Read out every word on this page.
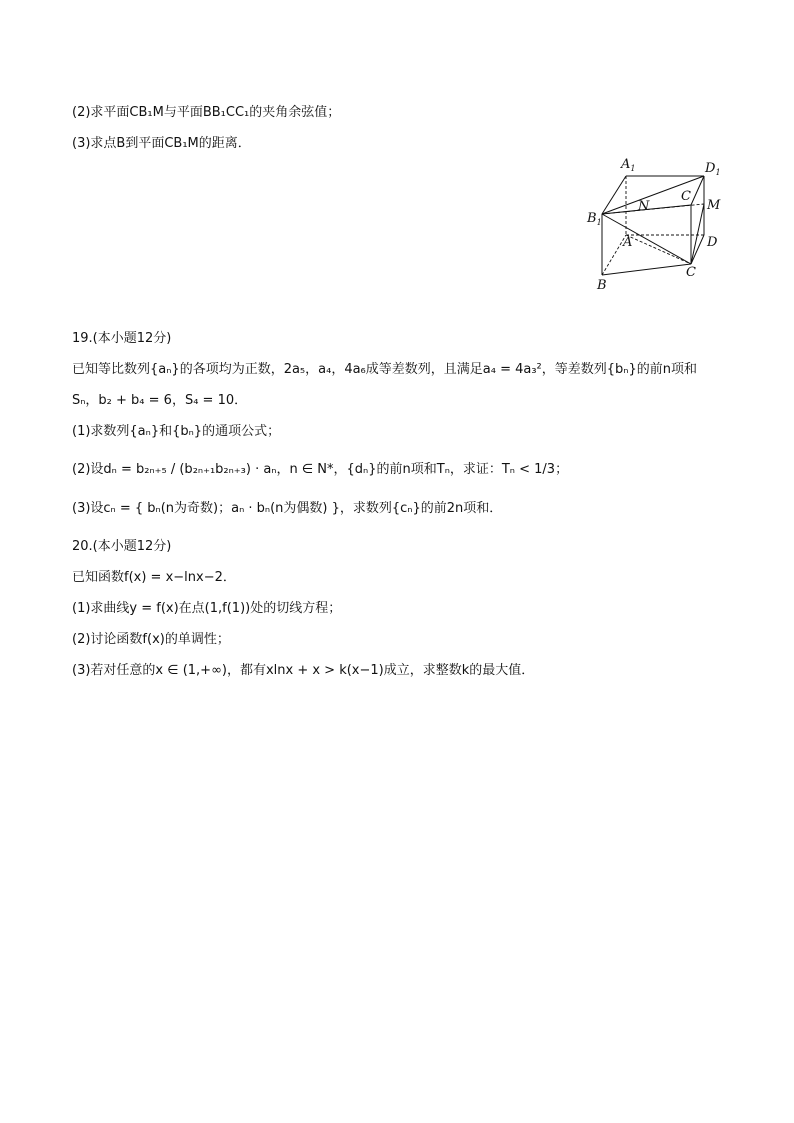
(2)求平面CB₁M与平面BB₁CC₁的夹角余弦值；
(3)求点B到平面CB₁M的距离．
$A_1$	$D_1$
C
N	M
$B_1$
A	D
C
B
19.(本小题12分)
已知等比数列{aₙ}的各项均为正数，2a₅，a₄，4a₆成等差数列，且满足a₄ = 4a₃²，等差数列{bₙ}的前n项和
Sₙ，b₂ + b₄ = 6，S₄ = 10．
(1)求数列{aₙ}和{bₙ}的通项公式；
(2)设dₙ = b₂ₙ₊₅ / (b₂ₙ₊₁b₂ₙ₊₃) · aₙ，n ∈ N*，{dₙ}的前n项和Tₙ，求证：Tₙ < 1/3；
(3)设cₙ = { bₙ(n为奇数)；aₙ · bₙ(n为偶数) }，求数列{cₙ}的前2n项和．
20.(本小题12分)
已知函数f(x) = x−lnx−2．
(1)求曲线y = f(x)在点(1,f(1))处的切线方程；
(2)讨论函数f(x)的单调性；
(3)若对任意的x ∈ (1,+∞)，都有xlnx + x > k(x−1)成立，求整数k的最大值．
